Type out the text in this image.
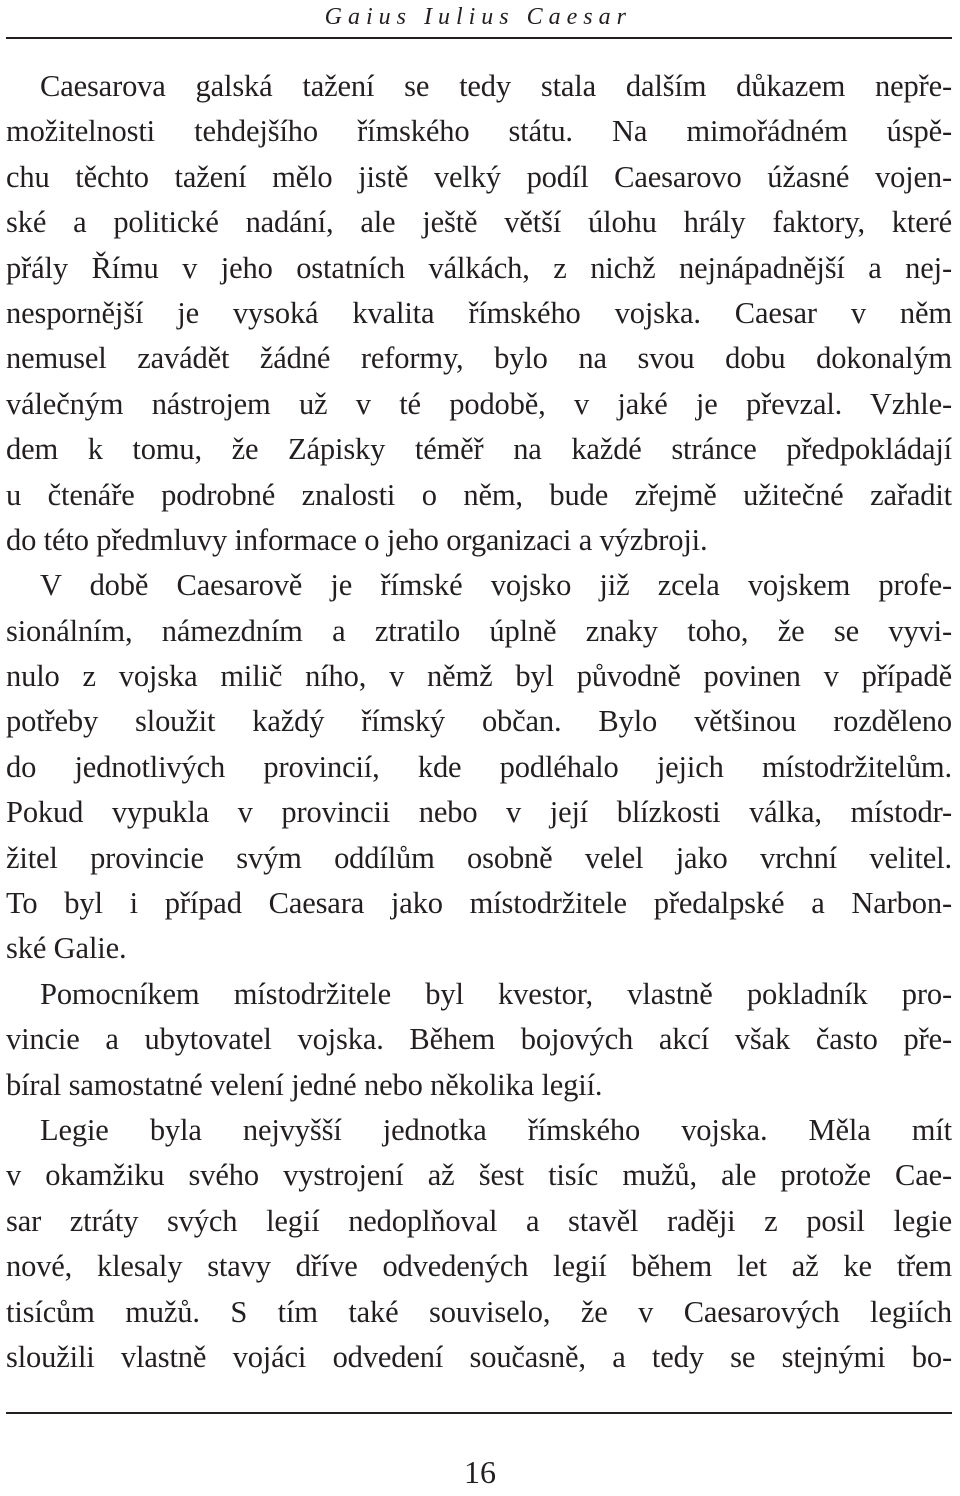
Gaius Iulius Caesar
Caesarova galská tažení se tedy stala dalším důkazem nepře-
možitelnosti tehdejšího římského státu. Na mimořádném úspě-
chu těchto tažení mělo jistě velký podíl Caesarovo úžasné vojen-
ské a politické nadání, ale ještě větší úlohu hrály faktory, které
přály Římu v jeho ostatních válkách, z nichž nejnápadnější a nej-
nespornější je vysoká kvalita římského vojska. Caesar v něm
nemusel zavádět žádné reformy, bylo na svou dobu dokonalým
válečným nástrojem už v té podobě, v jaké je převzal. Vzhle-
dem k tomu, že Zápisky téměř na každé stránce předpokládají
u čtenáře podrobné znalosti o něm, bude zřejmě užitečné zařadit
do této předmluvy informace o jeho organizaci a výzbroji.
V době Caesarově je římské vojsko již zcela vojskem profe-
sionálním, námezdním a ztratilo úplně znaky toho, že se vyvi-
nulo z vojska milič ního, v němž byl původně povinen v případě
potřeby sloužit každý římský občan. Bylo většinou rozděleno
do jednotlivých provincií, kde podléhalo jejich místodržitelům.
Pokud vypukla v provincii nebo v její blízkosti válka, místodr-
žitel provincie svým oddílům osobně velel jako vrchní velitel.
To byl i případ Caesara jako místodržitele předalpské a Narbon-
ské Galie.
Pomocníkem místodržitele byl kvestor, vlastně pokladník pro-
vincie a ubytovatel vojska. Během bojových akcí však často pře-
bíral samostatné velení jedné nebo několika legií.
Legie byla nejvyšší jednotka římského vojska. Měla mít
v okamžiku svého vystrojení až šest tisíc mužů, ale protože Cae-
sar ztráty svých legií nedoplňoval a stavěl raději z posil legie
nové, klesaly stavy dříve odvedených legií během let až ke třem
tisícům mužů. S tím také souviselo, že v Caesarových legiích
sloužili vlastně vojáci odvedení současně, a tedy se stejnými bo-
16
